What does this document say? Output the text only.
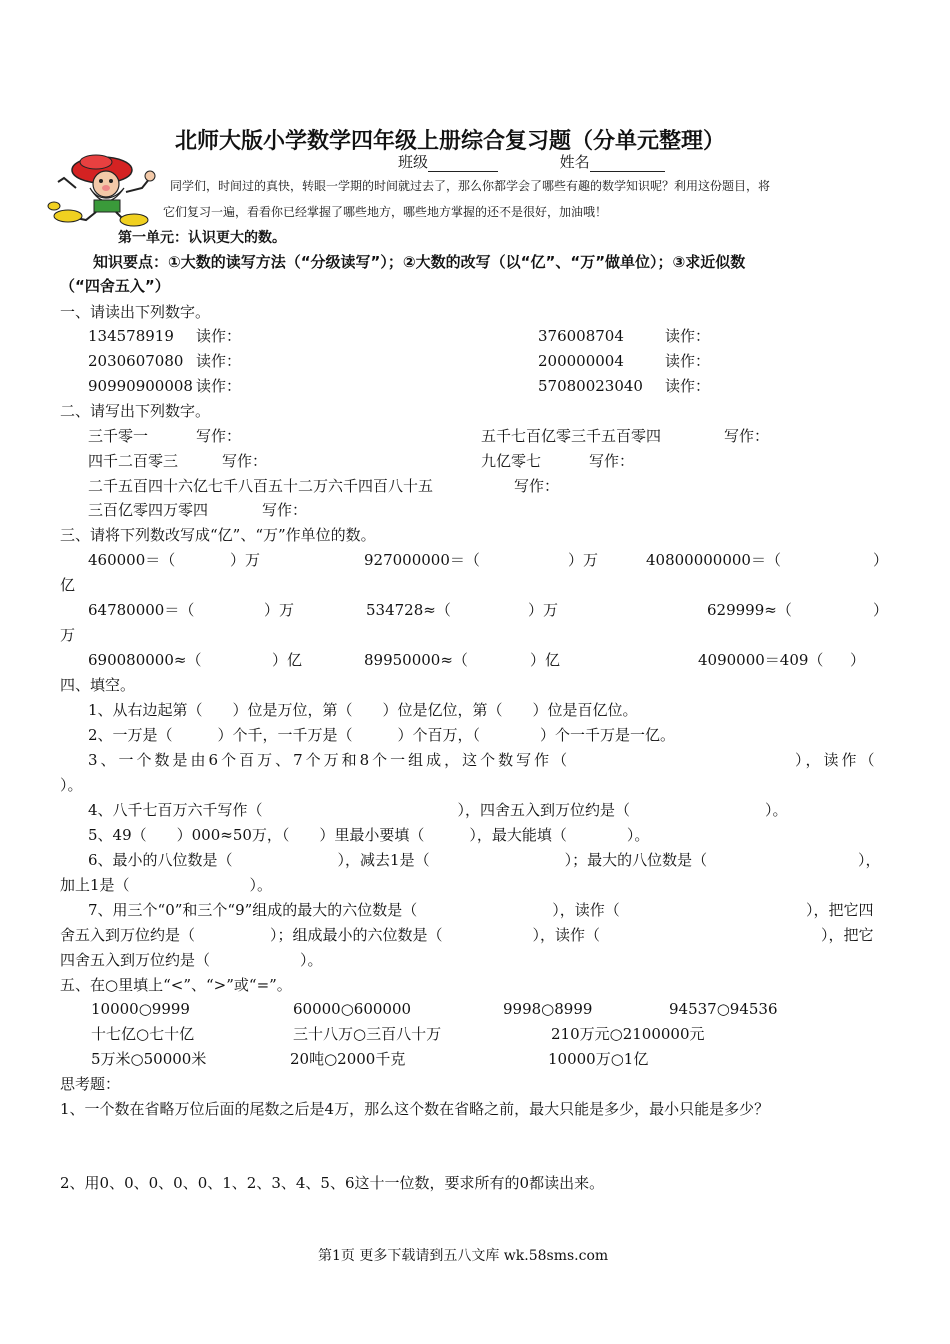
北师大版小学数学四年级上册综合复习题（分单元整理）
班级	姓名
同学们，时间过的真快，转眼一学期的时间就过去了，那么你都学会了哪些有趣的数学知识呢？利用这份题目，将
它们复习一遍，看看你已经掌握了哪些地方，哪些地方掌握的还不是很好，加油哦！
第一单元：认识更大的数。
知识要点：①大数的读写方法（“分级读写”）；②大数的改写（以“亿”、“万”做单位）；③求近似数
（“四舍五入”）
一、请读出下列数字。
134578919 读作：	376008704	读作：
2030607080 读作：	200000004	读作：
90990900008 读作：	57080023040 读作：
二、请写出下列数字。
三千零一	写作：	五千七百亿零三千五百零四	写作：
四千二百零三	写作：	九亿零七	写作：
二千五百四十六亿七千八百五十二万六千四百八十五	写作：
三百亿零四万零四	写作：
三、请将下列数改写成“亿”、“万”作单位的数。
460000＝（	）万	927000000＝（	）万	40800000000＝（	）
亿
64780000＝（	）万	534728≈（	）万	629999≈（	）
万
690080000≈（	）亿	89950000≈（	）亿	4090000＝409（ ）
四、填空。
1、从右边起第（　　）位是万位，第（　　）位是亿位，第（　　）位是百亿位。
2、一万是（　　　）个千，一千万是（　　　）个百万，（　　　　）个一千万是一亿。
3、一个数是由6个百万、7个万和8个一组成，这个数写作（	），读作（
）。
4、八千七百万六千写作（　　　　　　　　　　　　　），四舍五入到万位约是（　　　　　　　　　）。
5、49（　　）000≈50万，（　　）里最小要填（　　　），最大能填（　　　　）。
6、最小的八位数是（　　　　　　　），减去1是（　　　　　　　　　）；最大的八位数是（	），
加上1是（　　　　　　　　）。
7、用三个“0”和三个“9”组成的最大的六位数是（　　　　　　　　　），读作（	），把它四
舍五入到万位约是（　　　　　）；组成最小的六位数是（　　　　　　），读作（	），把它
四舍五入到万位约是（　　　　　　）。
五、在○里填上“<”、“>”或“=”。
10000○9999	60000○600000	9998○8999	94537○94536
十七亿○七十亿	三十八万○三百八十万	210万元○2100000元
5万米○50000米	20吨○2000千克	10000万○1亿
思考题：
1、一个数在省略万位后面的尾数之后是4万，那么这个数在省略之前，最大只能是多少，最小只能是多少？
2、用0、0、0、0、0、1、2、3、4、5、6这十一位数，要求所有的0都读出来。
第1页 更多下载请到五八文库 wk.58sms.com
